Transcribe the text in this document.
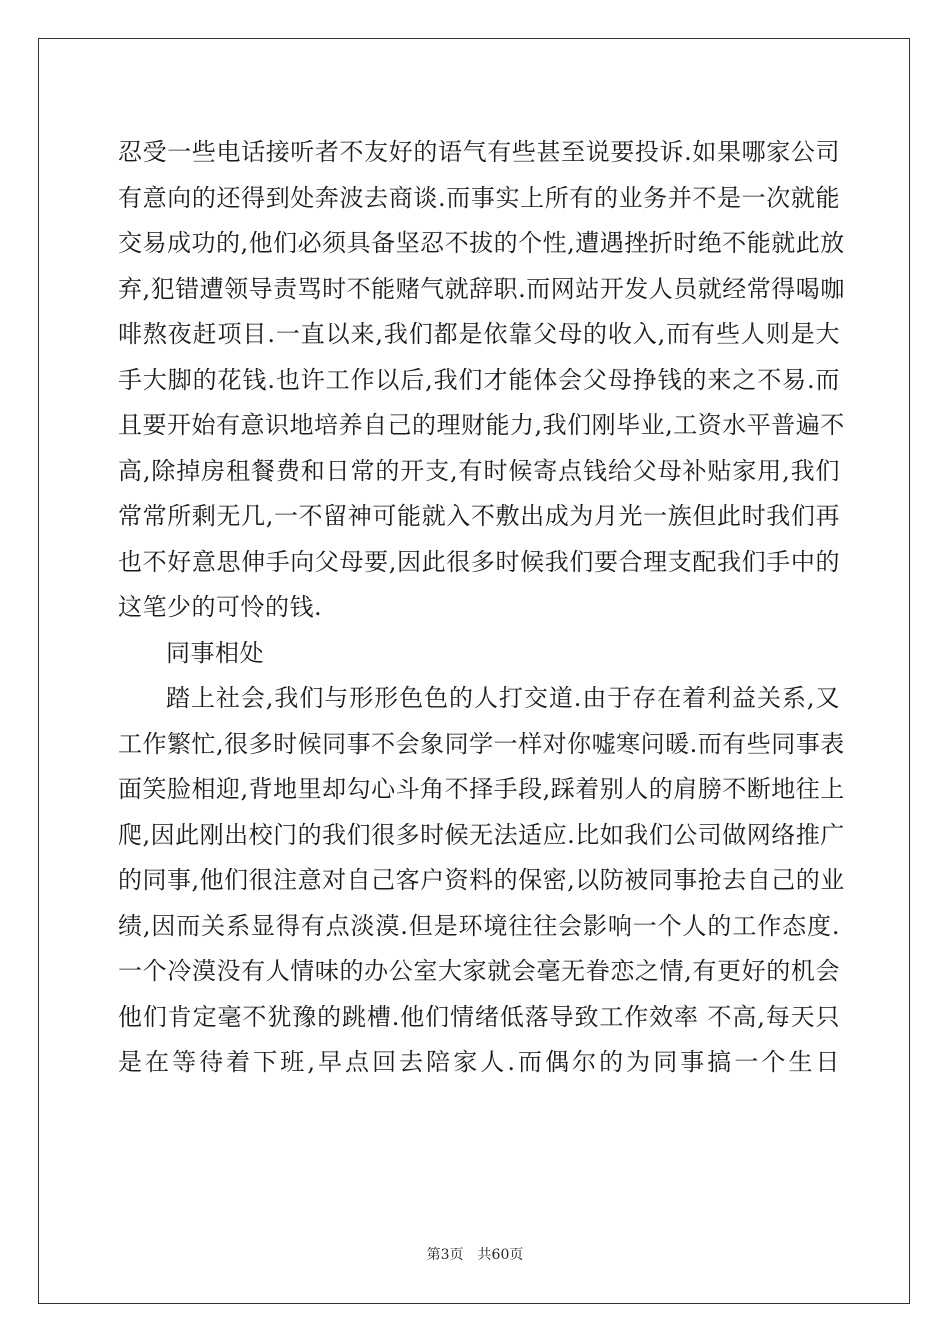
忍受一些电话接听者不友好的语气有些甚至说要投诉.如果哪家公司
有意向的还得到处奔波去商谈.而事实上所有的业务并不是一次就能
交易成功的,他们必须具备坚忍不拔的个性,遭遇挫折时绝不能就此放
弃,犯错遭领导责骂时不能赌气就辞职.而网站开发人员就经常得喝咖
啡熬夜赶项目.一直以来,我们都是依靠父母的收入,而有些人则是大
手大脚的花钱.也许工作以后,我们才能体会父母挣钱的来之不易.而
且要开始有意识地培养自己的理财能力,我们刚毕业,工资水平普遍不
高,除掉房租餐费和日常的开支,有时候寄点钱给父母补贴家用,我们
常常所剩无几,一不留神可能就入不敷出成为月光一族但此时我们再
也不好意思伸手向父母要,因此很多时候我们要合理支配我们手中的
这笔少的可怜的钱.
同事相处
踏上社会,我们与形形色色的人打交道.由于存在着利益关系,又
工作繁忙,很多时候同事不会象同学一样对你嘘寒问暖.而有些同事表
面笑脸相迎,背地里却勾心斗角不择手段,踩着别人的肩膀不断地往上
爬,因此刚出校门的我们很多时候无法适应.比如我们公司做网络推广
的同事,他们很注意对自己客户资料的保密,以防被同事抢去自己的业
绩,因而关系显得有点淡漠.但是环境往往会影响一个人的工作态度.
一个冷漠没有人情味的办公室大家就会毫无眷恋之情,有更好的机会
他们肯定毫不犹豫的跳槽.他们情绪低落导致工作效率 不高,每天只
是在等待着下班,早点回去陪家人.而偶尔的为同事搞一个生日
第3页 共60页
